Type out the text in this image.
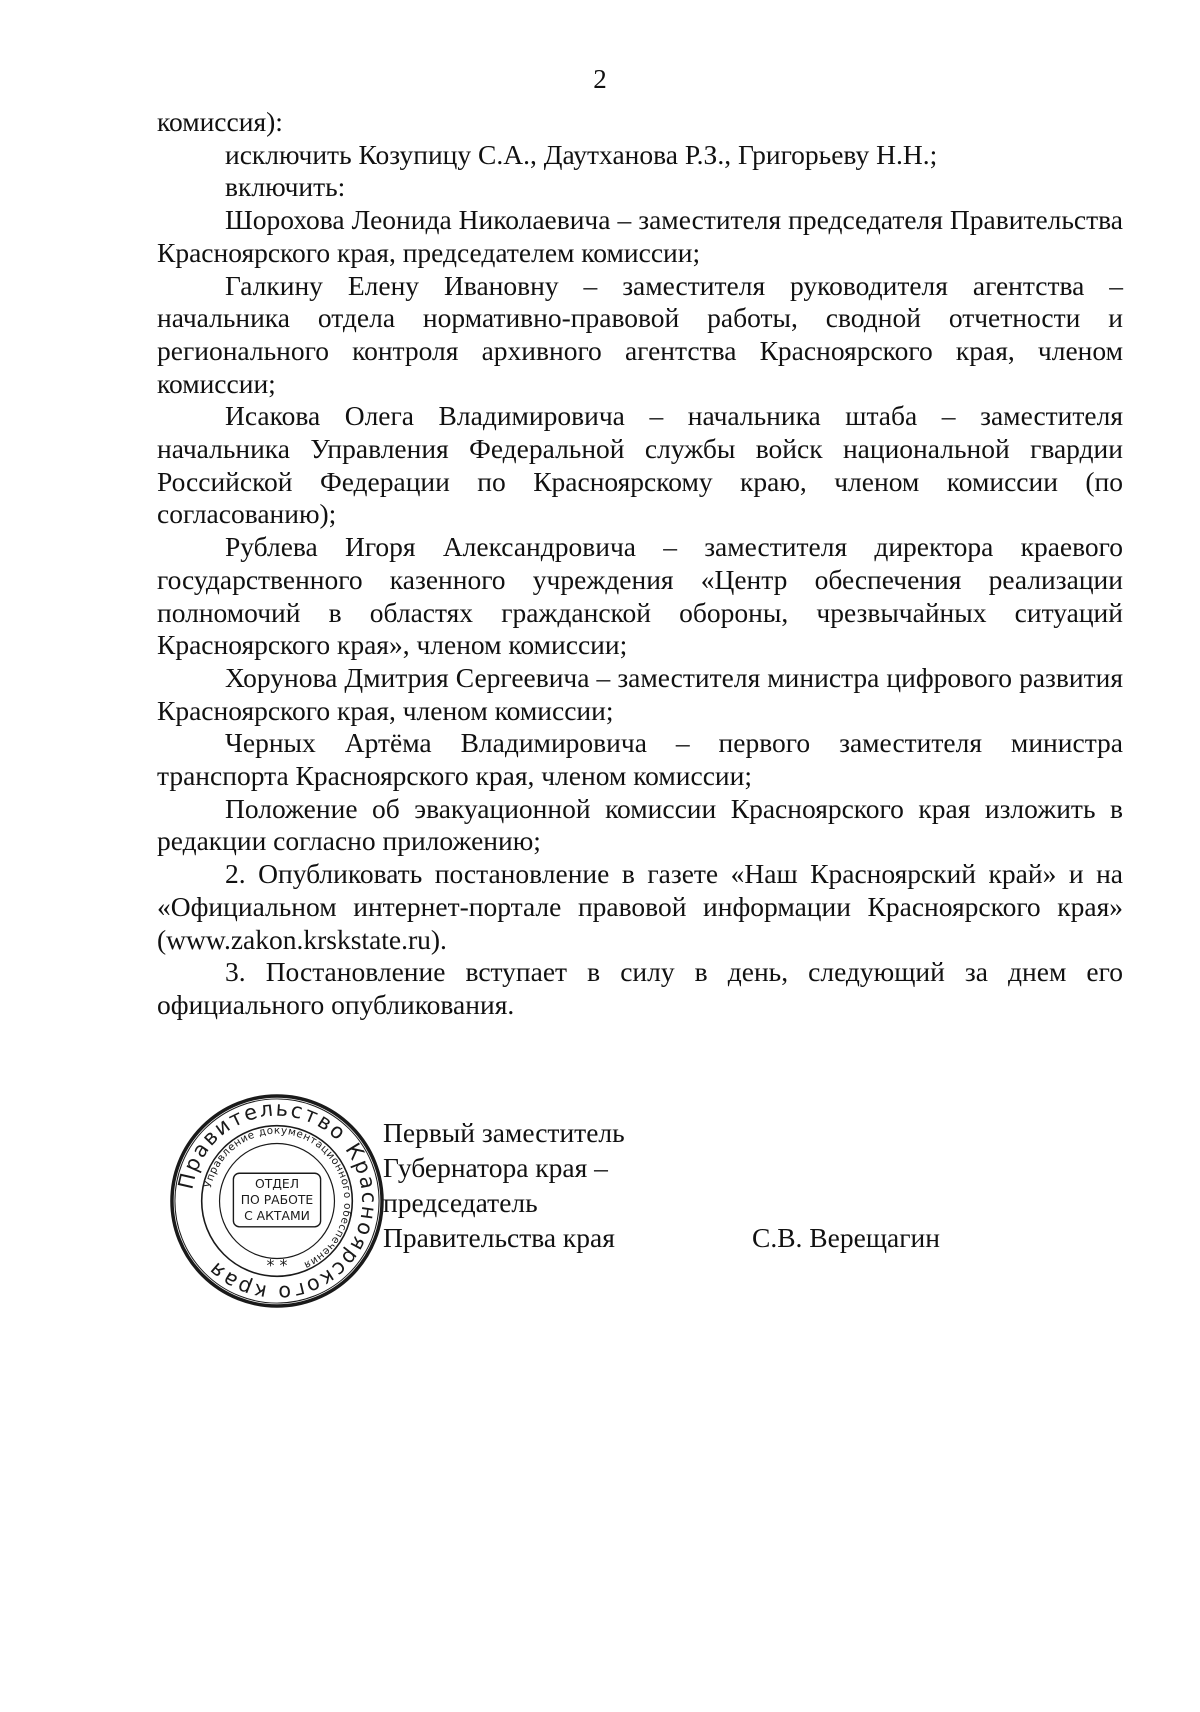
2

комиссия):

исключить Козупицу С.А., Даутханова Р.З., Григорьеву Н.Н.;

включить:

Шорохова Леонида Николаевича – заместителя председателя Правительства Красноярского края, председателем комиссии;

Галкину Елену Ивановну – заместителя руководителя агентства – начальника отдела нормативно-правовой работы, сводной отчетности и регионального контроля архивного агентства Красноярского края, членом комиссии;

Исакова Олега Владимировича – начальника штаба – заместителя начальника Управления Федеральной службы войск национальной гвардии Российской Федерации по Красноярскому краю, членом комиссии (по согласованию);

Рублева Игоря Александровича – заместителя директора краевого государственного казенного учреждения «Центр обеспечения реализации полномочий в областях гражданской обороны, чрезвычайных ситуаций Красноярского края», членом комиссии;

Хорунова Дмитрия Сергеевича – заместителя министра цифрового развития Красноярского края, членом комиссии;

Черных Артёма Владимировича – первого заместителя министра транспорта Красноярского края, членом комиссии;

Положение об эвакуационной комиссии Красноярского края изложить в редакции согласно приложению;

2. Опубликовать постановление в газете «Наш Красноярский край» и на «Официальном интернет-портале правовой информации Красноярского края» (www.zakon.krskstate.ru).

3. Постановление вступает в силу в день, следующий за днем его официального опубликования.

Правительство Красноярского края
Управление документационного обеспечения
ОТДЕЛ
ПО РАБОТЕ
С АКТАМИ
* *
Первый заместитель
Губернатора края –
председатель
Правительства края	С.В. Верещагин
